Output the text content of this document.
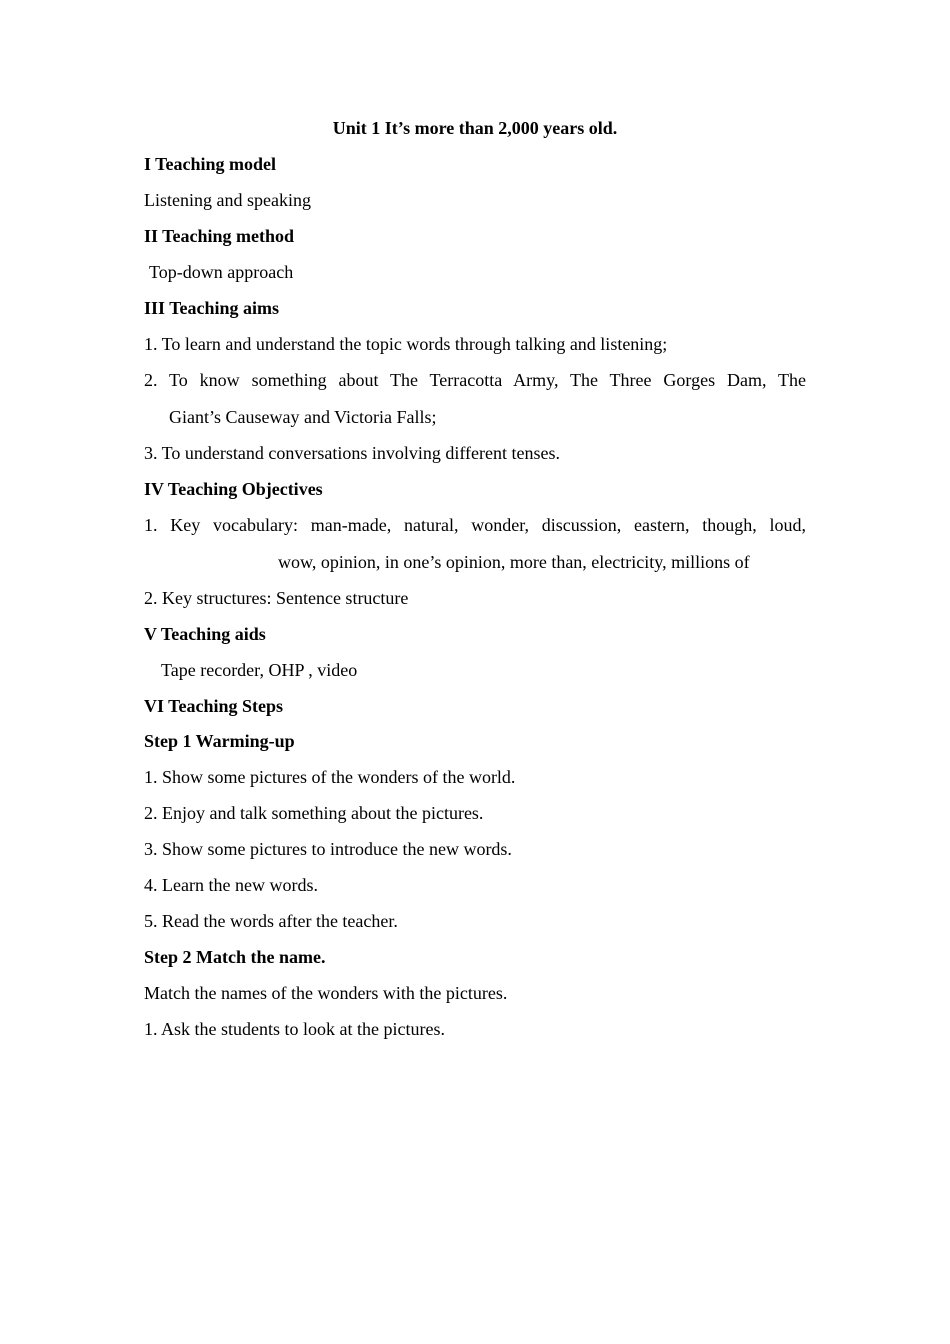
Unit 1 It’s more than 2,000 years old.
I Teaching model
Listening and speaking
II Teaching method
Top-down approach
III Teaching aims
1. To learn and understand the topic words through talking and listening;
2. To know something about The Terracotta Army, The Three Gorges Dam, The
Giant’s Causeway and Victoria Falls;
3. To understand conversations involving different tenses.
IV Teaching Objectives
1. Key vocabulary: man-made, natural, wonder, discussion, eastern, though, loud,
wow, opinion, in one’s opinion, more than, electricity, millions of
2. Key structures: Sentence structure
V Teaching aids
Tape recorder, OHP , video
VI Teaching Steps
Step 1 Warming-up
1. Show some pictures of the wonders of the world.
2. Enjoy and talk something about the pictures.
3. Show some pictures to introduce the new words.
4. Learn the new words.
5. Read the words after the teacher.
Step 2 Match the name.
Match the names of the wonders with the pictures.
1. Ask the students to look at the pictures.
